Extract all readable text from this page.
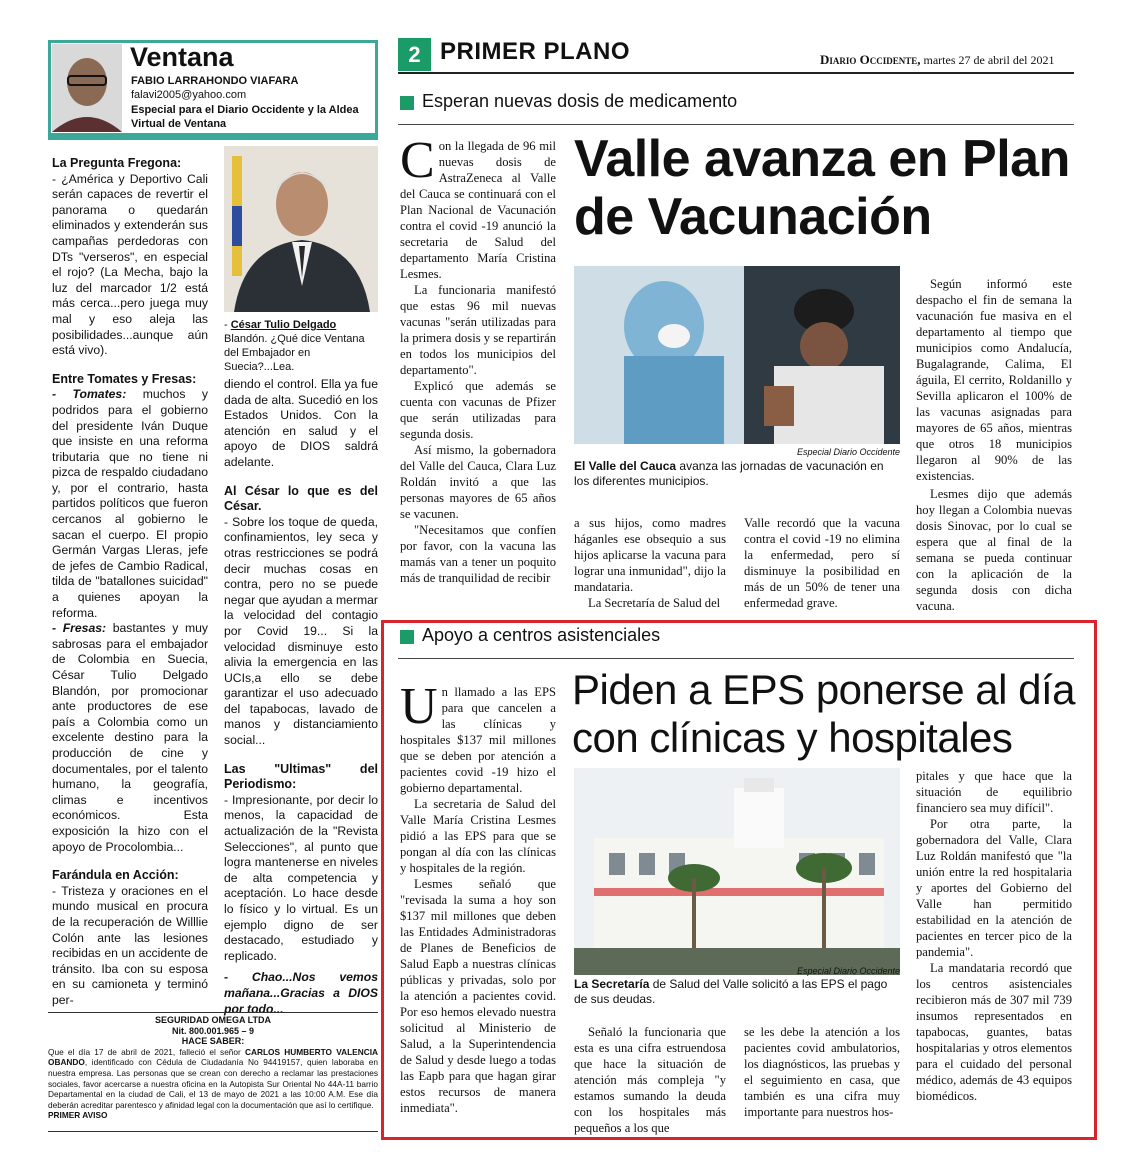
Ventana
FABIO LARRAHONDO VIAFARA
falavi2005@yahoo.com
Especial para el Diario Occidente y la Aldea Virtual de Ventana

La Pregunta Fregona:

- ¿América y Deportivo Cali serán capaces de revertir el panorama o quedarán eliminados y extenderán sus campañas perdedoras con DTs "verseros", en especial el rojo? (La Mecha, bajo la luz del marcador 1/2 está más cerca...pero juega muy mal y eso aleja las posibilidades...aunque aún está vivo).

Entre Tomates y Fresas:

- Tomates: muchos y podridos para el gobierno del presidente Iván Duque que insiste en una reforma tributaria que no tiene ni pizca de respaldo ciudadano y, por el contrario, hasta partidos políticos que fueron cercanos al gobierno le sacan el cuerpo. El propio Germán Vargas Lleras, jefe de jefes de Cambio Radical, tilda de "batallones suicidad" a quienes apoyan la reforma.

- Fresas: bastantes y muy sabrosas para el embajador de Colombia en Suecia, César Tulio Delgado Blandón, por promocionar ante productores de ese país a Colombia como un excelente destino para la producción de cine y documentales, por el talento humano, la geografía, climas e incentivos económicos. Esta exposición la hizo con el apoyo de Procolombia...

Farándula en Acción:

- Tristeza y oraciones en el mundo musical en procura de la recuperación de Willlie Colón ante las lesiones recibidas en un accidente de tránsito. Iba con su esposa en su camioneta y terminó per-

- César Tulio Delgado Blandón. ¿Qué dice Ventana del Embajador en Suecia?...Lea.

diendo el control. Ella ya fue dada de alta. Sucedió en los Estados Unidos. Con la atención en salud y el apoyo de DIOS saldrá adelante.

Al César lo que es del César.

- Sobre los toque de queda, confinamientos, ley seca y otras restricciones se podrá decir muchas cosas en contra, pero no se puede negar que ayudan a mermar la velocidad del contagio por Covid 19... Si la velocidad disminuye esto alivia la emergencia en las UCIs,a ello se debe garantizar el uso adecuado del tapabocas, lavado de manos y distanciamiento social...

Las "Ultimas" del Periodismo:

- Impresionante, por decir lo menos, la capacidad de actualización de la "Revista Selecciones", al punto que logra mantenerse en niveles de alta competencia y aceptación. Lo hace desde lo físico y lo virtual. Es un ejemplo digno de ser destacado, estudiado y replicado.

- Chao...Nos vemos mañana...Gracias a DIOS por todo...

SEGURIDAD OMEGA LTDA
Nit. 800.001.965 – 9
HACE SABER:
Que el día 17 de abril de 2021, falleció el señor CARLOS HUMBERTO VALENCIA OBANDO, identificado con Cédula de Ciudadanía No 94419157, quien laboraba en nuestra empresa. Las personas que se crean con derecho a reclamar las prestaciones sociales, favor acercarse a nuestra oficina en la Autopista Sur Oriental No 44A-11 barrio Departamental en la ciudad de Cali, el 13 de mayo de 2021 a las 10:00 A.M. Ese día deberán acreditar parentesco y afinidad legal con la documentación que así lo certifique.
PRIMER AVISO
2 PRIMER PLANO	Diario Occidente, martes 27 de abril del 2021
Esperan nuevas dosis de medicamento
Con la llegada de 96 mil nuevas dosis de AstraZeneca al Valle del Cauca se continuará con el Plan Nacional de Vacunación contra el covid -19 anunció la secretaria de Salud del departamento María Cristina Lesmes.

La funcionaria manifestó que estas 96 mil nuevas vacunas "serán utilizadas para la primera dosis y se repartirán en todos los municipios del departamento".

Explicó que además se cuenta con vacunas de Pfizer que serán utilizadas para segunda dosis.

Así mismo, la gobernadora del Valle del Cauca, Clara Luz Roldán invitó a que las personas mayores de 65 años se vacunen.

"Necesitamos que confíen por favor, con la vacuna las mamás van a tener un poquito más de tranquilidad de recibir

Valle avanza en Plan de Vacunación
Especial Diario Occidente
El Valle del Cauca avanza las jornadas de vacunación en los diferentes municipios.

a sus hijos, como madres háganles ese obsequio a sus hijos aplicarse la vacuna para lograr una inmunidad", dijo la mandataria.

La Secretaría de Salud del

Valle recordó que la vacuna contra el covid -19 no elimina la enfermedad, pero sí disminuye la posibilidad en más de un 50% de tener una enfermedad grave.

Según informó este despacho el fin de semana la vacunación fue masiva en el departamento al tiempo que municipios como Andalucía, Bugalagrande, Calima, El águila, El cerrito, Roldanillo y Sevilla aplicaron el 100% de las vacunas asignadas para mayores de 65 años, mientras que otros 18 municipios llegaron al 90% de las existencias.

Lesmes dijo que además hoy llegan a Colombia nuevas dosis Sinovac, por lo cual se espera que al final de la semana se pueda continuar con la aplicación de la segunda dosis con dicha vacuna.

Apoyo a centros asistenciales
Un llamado a las EPS para que cancelen a las clínicas y hospitales $137 mil millones que se deben por atención a pacientes covid -19 hizo el gobierno departamental.

La secretaria de Salud del Valle María Cristina Lesmes pidió a las EPS para que se pongan al día con las clínicas y hospitales de la región.

Lesmes señaló que "revisada la suma a hoy son $137 mil millones que deben las Entidades Administradoras de Planes de Beneficios de Salud Eapb a nuestras clínicas públicas y privadas, solo por la atención a pacientes covid. Por eso hemos elevado nuestra solicitud al Ministerio de Salud, a la Superintendencia de Salud y desde luego a todas las Eapb para que hagan girar estos recursos de manera inmediata".

Piden a EPS ponerse al día con clínicas y hospitales
Especial Diario Occidente
La Secretaría de Salud del Valle solicitó a las EPS el pago de sus deudas.

Señaló la funcionaria que esta es una cifra estruendosa que hace la situación de atención más compleja "y estamos sumando la deuda con los hospitales más pequeños a los que

se les debe la atención a los pacientes covid ambulatorios, los diagnósticos, las pruebas y el seguimiento en casa, que también es una cifra muy importante para nuestros hos-

pitales y que hace que la situación de equilibrio financiero sea muy difícil".

Por otra parte, la gobernadora del Valle, Clara Luz Roldán manifestó que "la unión entre la red hospitalaria y aportes del Gobierno del Valle han permitido estabilidad en la atención de pacientes en tercer pico de la pandemia".

La mandataria recordó que los centros asistenciales recibieron más de 307 mil 739 insumos representados en tapabocas, guantes, batas hospitalarias y otros elementos para el cuidado del personal médico, además de 43 equipos biomédicos.
